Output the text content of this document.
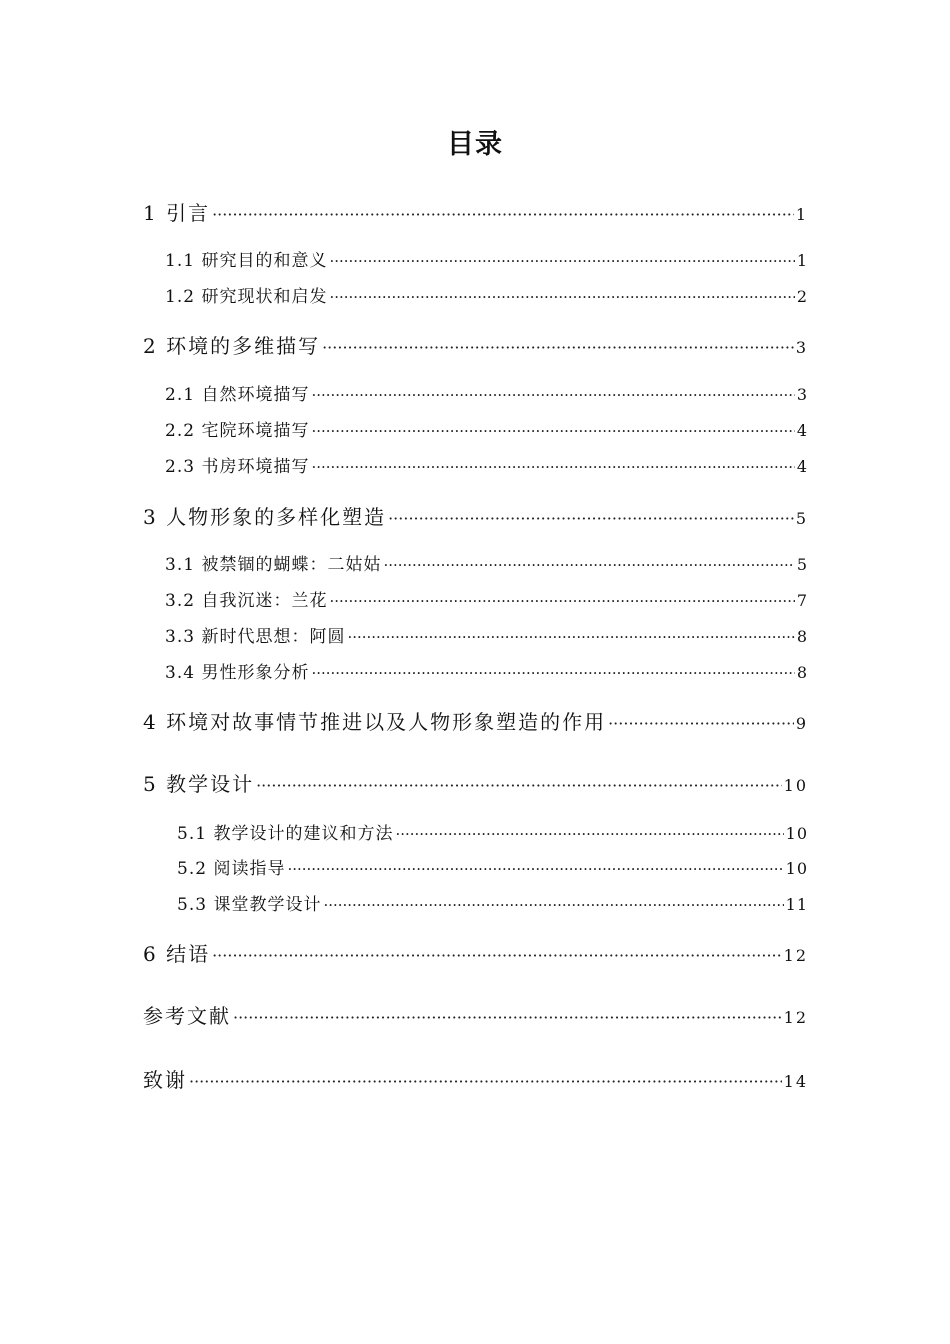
目录
1 引言 ·····	1
1.1 研究目的和意义 ·····	1
1.2 研究现状和启发 ·····	2
2 环境的多维描写 ·····	3
2.1 自然环境描写 ·····	3
2.2 宅院环境描写 ·····	4
2.3 书房环境描写 ·····	4
3 人物形象的多样化塑造 ·····	5
3.1 被禁锢的蝴蝶：二姑姑 ·····	5
3.2 自我沉迷：兰花 ·····	7
3.3 新时代思想：阿圆 ·····	8
3.4 男性形象分析 ·····	8
4 环境对故事情节推进以及人物形象塑造的作用 ·····	9
5 教学设计 ·····	10
5.1 教学设计的建议和方法 ·····	10
5.2 阅读指导 ·····	10
5.3 课堂教学设计 ·····	11
6 结语 ·····	12
参考文献 ·····	12
致谢 ·····	14
